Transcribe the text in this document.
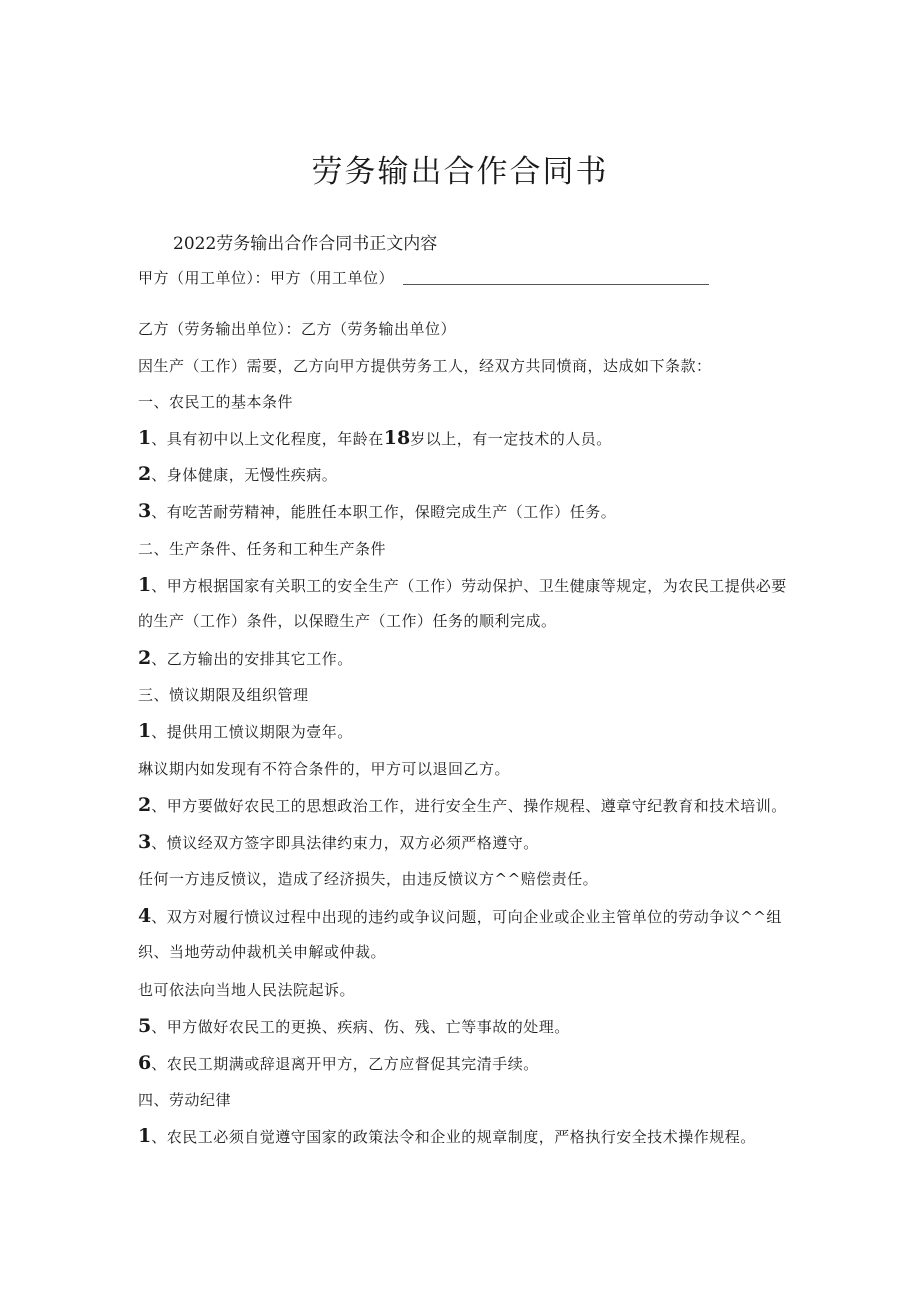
劳务输出合作合同书
2022劳务输出合作合同书正文内容
甲方（用工单位）：甲方（用工单位）
乙方（劳务输出单位）：乙方（劳务输出单位）
因生产（工作）需要，乙方向甲方提供劳务工人，经双方共同愤商，达成如下条款：
一、农民工的基本条件
1、具有初中以上文化程度，年龄在18岁以上，有一定技术的人员。
2、身体健康，无慢性疾病。
3、有吃苦耐劳精神，能胜任本职工作，保瞪完成生产（工作）任务。
二、生产条件、任务和工种生产条件
1、甲方根据国家有关职工的安全生产（工作）劳动保护、卫生健康等规定，为农民工提供必要
的生产（工作）条件，以保瞪生产（工作）任务的顺利完成。
2、乙方输出的安排其它工作。
三、愤议期限及组织管理
1、提供用工愤议期限为壹年。
琳议期内如发现有不符合条件的，甲方可以退回乙方。
2、甲方要做好农民工的思想政治工作，进行安全生产、操作规程、遵章守纪教育和技术培训。
3、愤议经双方签字即具法律约束力，双方必须严格遵守。
任何一方违反愤议，造成了经济损失，由违反愤议方^^赔偿责任。
4、双方对履行愤议过程中出现的违约或争议问题，可向企业或企业主管单位的劳动争议^^组
织、当地劳动仲裁机关申解或仲裁。
也可依法向当地人民法院起诉。
5、甲方做好农民工的更换、疾病、伤、残、亡等事故的处理。
6、农民工期满或辞退离开甲方，乙方应督促其完清手续。
四、劳动纪律
1、农民工必须自觉遵守国家的政策法令和企业的规章制度，严格执行安全技术操作规程。
